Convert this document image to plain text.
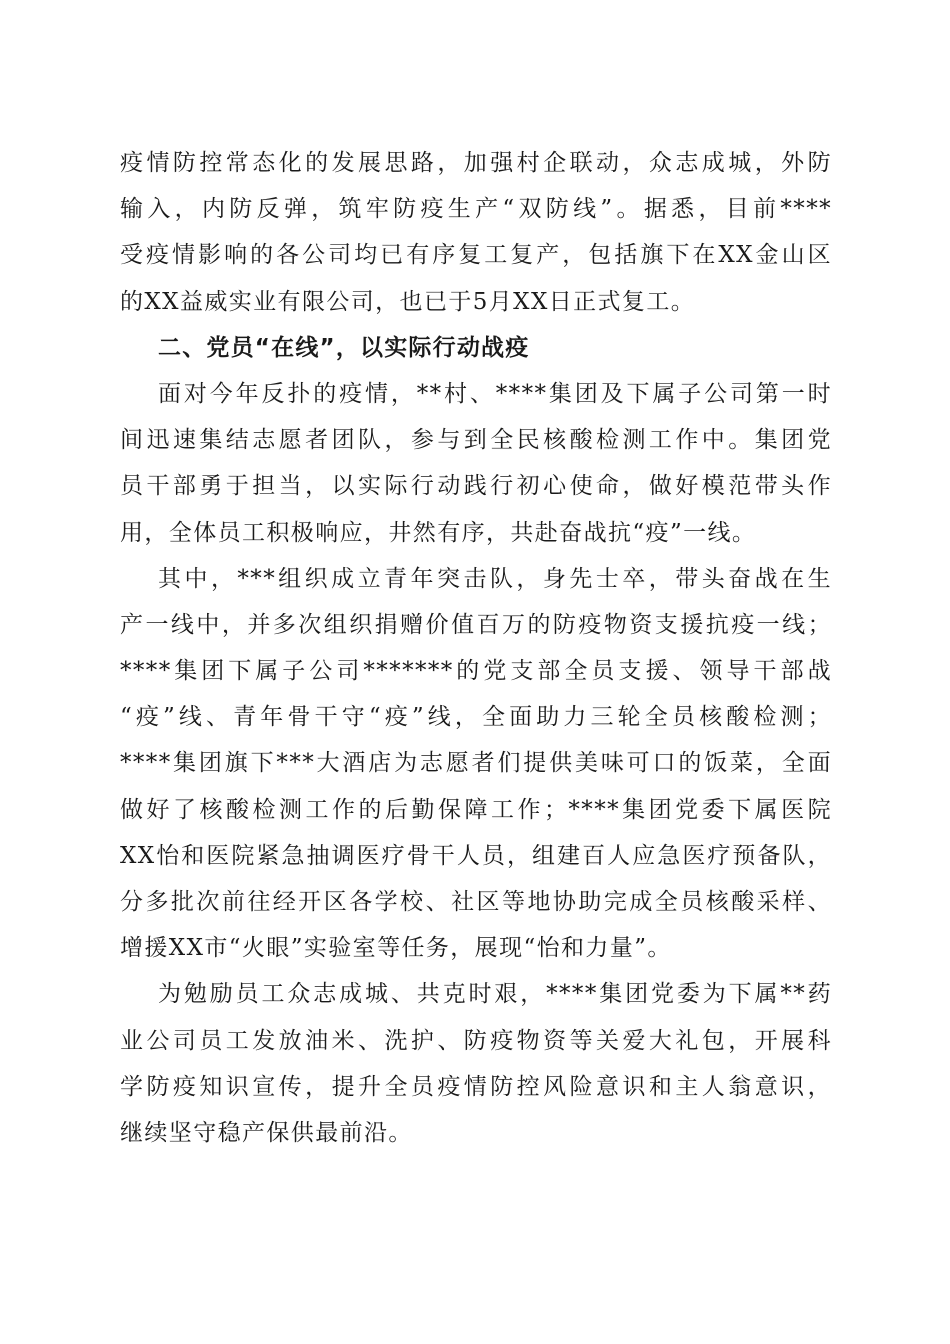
疫情防控常态化的发展思路，加强村企联动，众志成城，外防
输入，内防反弹，筑牢防疫生产“双防线”。据悉，目前****
受疫情影响的各公司均已有序复工复产，包括旗下在XX金山区
的XX益威实业有限公司，也已于5月XX日正式复工。
二、党员“在线”，以实际行动战疫
面对今年反扑的疫情，**村、****集团及下属子公司第一时
间迅速集结志愿者团队，参与到全民核酸检测工作中。集团党
员干部勇于担当，以实际行动践行初心使命，做好模范带头作
用，全体员工积极响应，井然有序，共赴奋战抗“疫”一线。
其中，***组织成立青年突击队，身先士卒，带头奋战在生
产一线中，并多次组织捐赠价值百万的防疫物资支援抗疫一线；
****集团下属子公司*******的党支部全员支援、领导干部战
“疫”线、青年骨干守“疫”线，全面助力三轮全员核酸检测；
****集团旗下***大酒店为志愿者们提供美味可口的饭菜，全面
做好了核酸检测工作的后勤保障工作；****集团党委下属医院
XX怡和医院紧急抽调医疗骨干人员，组建百人应急医疗预备队，
分多批次前往经开区各学校、社区等地协助完成全员核酸采样、
增援XX市“火眼”实验室等任务，展现“怡和力量”。
为勉励员工众志成城、共克时艰，****集团党委为下属**药
业公司员工发放油米、洗护、防疫物资等关爱大礼包，开展科
学防疫知识宣传，提升全员疫情防控风险意识和主人翁意识，
继续坚守稳产保供最前沿。
